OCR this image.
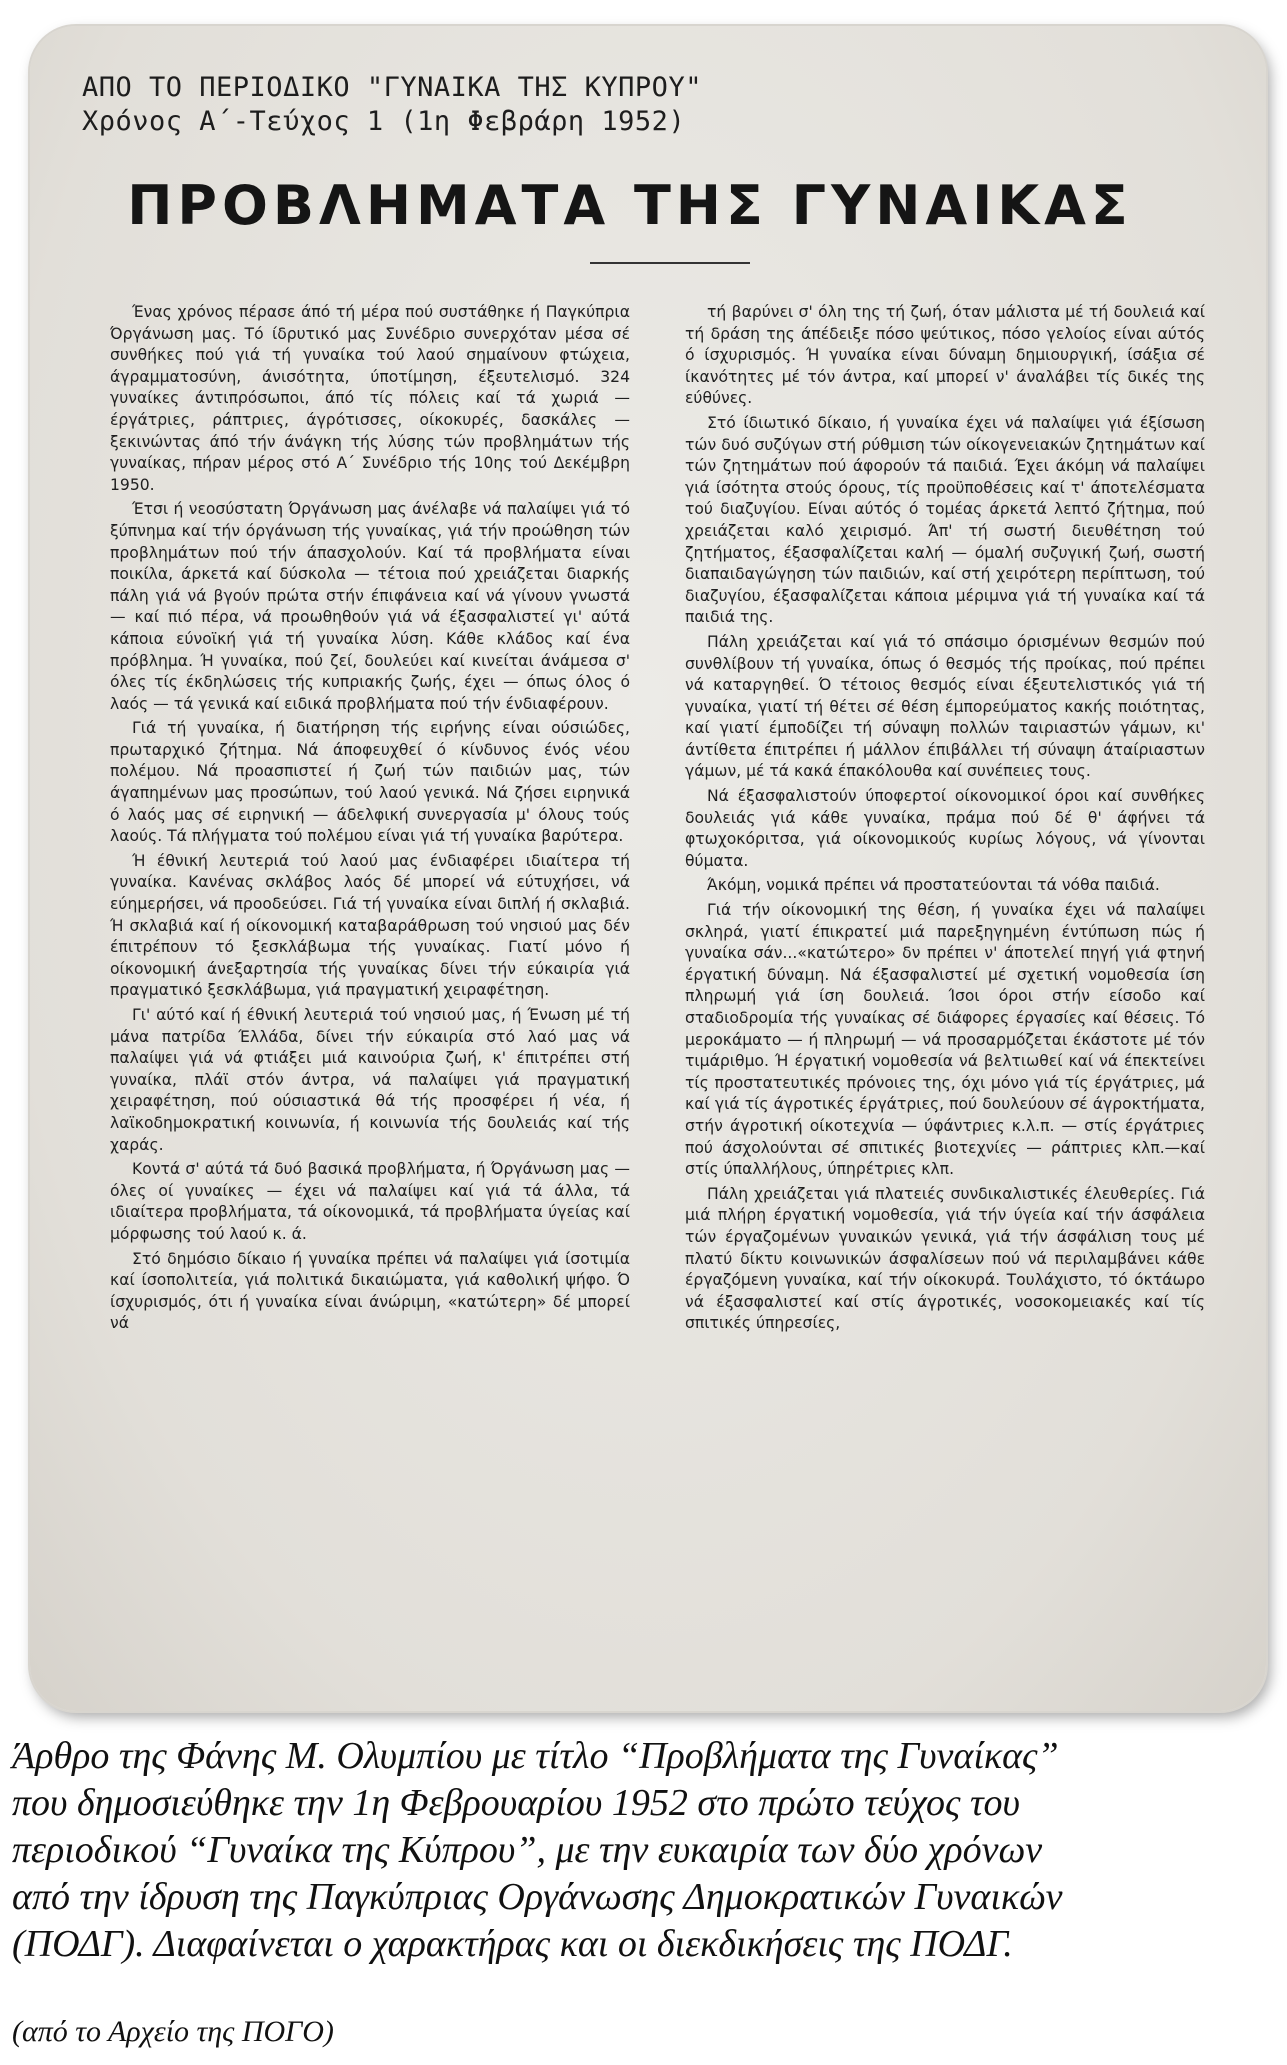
ΑΠΟ ΤΟ ΠΕΡΙΟΔΙΚΟ "ΓΥΝΑΙΚΑ ΤΗΣ ΚΥΠΡΟΥ"
Χρόνος Α΄-Τεύχος 1 (1η Φεβράρη 1952)
ΠΡΟΒΛΗΜΑΤΑ ΤΗΣ ΓΥΝΑΙΚΑΣ

Ένας χρόνος πέρασε άπό τή μέρα πού συστάθηκε ή Παγκύπρια Όργάνωση μας. Τό ίδρυτικό μας Συνέδριο συνερχόταν μέσα σέ συνθήκες πού γιά τή γυναίκα τού λαού σημαίνουν φτώχεια, άγραμματοσύνη, άνισότητα, ύποτίμηση, έξευτελισμό. 324 γυναίκες άντιπρόσωποι, άπό τίς πόλεις καί τά χωριά — έργάτριες, ράπτριες, άγρότισσες, οίκοκυρές, δασκάλες — ξεκινώντας άπό τήν άνάγκη τής λύσης τών προβλημάτων τής γυναίκας, πήραν μέρος στό Α΄ Συνέδριο τής 10ης τού Δεκέμβρη 1950.

Έτσι ή νεοσύστατη Όργάνωση μας άνέλαβε νά παλαίψει γιά τό ξύπνημα καί τήν όργάνωση τής γυναίκας, γιά τήν προώθηση τών προβλημάτων πού τήν άπασχολούν. Καί τά προβλήματα είναι ποικίλα, άρκετά καί δύσκολα — τέτοια πού χρειάζεται διαρκής πάλη γιά νά βγούν πρώτα στήν έπιφάνεια καί νά γίνουν γνωστά — καί πιό πέρα, νά προωθηθούν γιά νά έξασφαλιστεί γι' αύτά κάποια εύνοϊκή γιά τή γυναίκα λύση. Κάθε κλάδος καί ένα πρόβλημα. Ή γυναίκα, πού ζεί, δουλεύει καί κινείται άνάμεσα σ' όλες τίς έκδηλώσεις τής κυπριακής ζωής, έχει — όπως όλος ό λαός — τά γενικά καί ειδικά προβλήματα πού τήν ένδιαφέρουν.

Γιά τή γυναίκα, ή διατήρηση τής ειρήνης είναι ούσιώδες, πρωταρχικό ζήτημα. Νά άποφευχθεί ό κίνδυνος ένός νέου πολέμου. Νά προασπιστεί ή ζωή τών παιδιών μας, τών άγαπημένων μας προσώπων, τού λαού γενικά. Νά ζήσει ειρηνικά ό λαός μας σέ ειρηνική — άδελφική συνεργασία μ' όλους τούς λαούς. Τά πλήγματα τού πολέμου είναι γιά τή γυναίκα βαρύτερα.

Ή έθνική λευτεριά τού λαού μας ένδιαφέρει ιδιαίτερα τή γυναίκα. Κανένας σκλάβος λαός δέ μπορεί νά εύτυχήσει, νά εύημερήσει, νά προοδεύσει. Γιά τή γυναίκα είναι διπλή ή σκλαβιά. Ή σκλαβιά καί ή οίκονομική καταβαράθρωση τού νησιού μας δέν έπιτρέπουν τό ξεσκλάβωμα τής γυναίκας. Γιατί μόνο ή οίκονομική άνεξαρτησία τής γυναίκας δίνει τήν εύκαιρία γιά πραγματικό ξεσκλάβωμα, γιά πραγματική χειραφέτηση.

Γι' αύτό καί ή έθνική λευτεριά τού νησιού μας, ή Ένωση μέ τή μάνα πατρίδα Έλλάδα, δίνει τήν εύκαιρία στό λαό μας νά παλαίψει γιά νά φτιάξει μιά καινούρια ζωή, κ' έπιτρέπει στή γυναίκα, πλάϊ στόν άντρα, νά παλαίψει γιά πραγματική χειραφέτηση, πού ούσιαστικά θά τής προσφέρει ή νέα, ή λαϊκοδημοκρατική κοινωνία, ή κοινωνία τής δουλειάς καί τής χαράς.

Κοντά σ' αύτά τά δυό βασικά προβλήματα, ή Όργάνωση μας — όλες οί γυναίκες — έχει νά παλαίψει καί γιά τά άλλα, τά ιδιαίτερα προβλήματα, τά οίκονομικά, τά προβλήματα ύγείας καί μόρφωσης τού λαού κ. ά.

Στό δημόσιο δίκαιο ή γυναίκα πρέπει νά παλαίψει γιά ίσοτιμία καί ίσοπολιτεία, γιά πολιτικά δικαιώματα, γιά καθολική ψήφο. Ό ίσχυρισμός, ότι ή γυναίκα είναι άνώριμη, «κατώτερη» δέ μπορεί νά

τή βαρύνει σ' όλη της τή ζωή, όταν μάλιστα μέ τή δουλειά καί τή δράση της άπέδειξε πόσο ψεύτικος, πόσο γελοίος είναι αύτός ό ίσχυρισμός. Ή γυναίκα είναι δύναμη δημιουργική, ίσάξια σέ ίκανότητες μέ τόν άντρα, καί μπορεί ν' άναλάβει τίς δικές της εύθύνες.

Στό ίδιωτικό δίκαιο, ή γυναίκα έχει νά παλαίψει γιά έξίσωση τών δυό συζύγων στή ρύθμιση τών οίκογενειακών ζητημάτων καί τών ζητημάτων πού άφορούν τά παιδιά. Έχει άκόμη νά παλαίψει γιά ίσότητα στούς όρους, τίς προϋποθέσεις καί τ' άποτελέσματα τού διαζυγίου. Είναι αύτός ό τομέας άρκετά λεπτό ζήτημα, πού χρειάζεται καλό χειρισμό. Άπ' τή σωστή διευθέτηση τού ζητήματος, έξασφαλίζεται καλή — όμαλή συζυγική ζωή, σωστή διαπαιδαγώγηση τών παιδιών, καί στή χειρότερη περίπτωση, τού διαζυγίου, έξασφαλίζεται κάποια μέριμνα γιά τή γυναίκα καί τά παιδιά της.

Πάλη χρειάζεται καί γιά τό σπάσιμο όρισμένων θεσμών πού συνθλίβουν τή γυναίκα, όπως ό θεσμός τής προίκας, πού πρέπει νά καταργηθεί. Ό τέτοιος θεσμός είναι έξευτελιστικός γιά τή γυναίκα, γιατί τή θέτει σέ θέση έμπορεύματος κακής ποιότητας, καί γιατί έμποδίζει τή σύναψη πολλών ταιριαστών γάμων, κι' άντίθετα έπιτρέπει ή μάλλον έπιβάλλει τή σύναψη άταίριαστων γάμων, μέ τά κακά έπακόλουθα καί συνέπειες τους.

Νά έξασφαλιστούν ύποφερτοί οίκονομικοί όροι καί συνθήκες δουλειάς γιά κάθε γυναίκα, πράμα πού δέ θ' άφήνει τά φτωχοκόριτσα, γιά οίκονομικούς κυρίως λόγους, νά γίνονται θύματα.

Άκόμη, νομικά πρέπει νά προστατεύονται τά νόθα παιδιά.

Γιά τήν οίκονομική της θέση, ή γυναίκα έχει νά παλαίψει σκληρά, γιατί έπικρατεί μιά παρεξηγημένη έντύπωση πώς ή γυναίκα σάν...«κατώτερο» δν πρέπει ν' άποτελεί πηγή γιά φτηνή έργατική δύναμη. Νά έξασφαλιστεί μέ σχετική νομοθεσία ίση πληρωμή γιά ίση δουλειά. Ίσοι όροι στήν είσοδο καί σταδιοδρομία τής γυναίκας σέ διάφορες έργασίες καί θέσεις. Τό μεροκάματο — ή πληρωμή — νά προσαρμόζεται έκάστοτε μέ τόν τιμάριθμο. Ή έργατική νομοθεσία νά βελτιωθεί καί νά έπεκτείνει τίς προστατευτικές πρόνοιες της, όχι μόνο γιά τίς έργάτριες, μά καί γιά τίς άγροτικές έργάτριες, πού δουλεύουν σέ άγροκτήματα, στήν άγροτική οίκοτεχνία — ύφάντριες κ.λ.π. — στίς έργάτριες πού άσχολούνται σέ σπιτικές βιοτεχνίες — ράπτριες κλπ.—καί στίς ύπαλλήλους, ύπηρέτριες κλπ.

Πάλη χρειάζεται γιά πλατειές συνδικαλιστικές έλευθερίες. Γιά μιά πλήρη έργατική νομοθεσία, γιά τήν ύγεία καί τήν άσφάλεια τών έργαζομένων γυναικών γενικά, γιά τήν άσφάλιση τους μέ πλατύ δίκτυ κοινωνικών άσφαλίσεων πού νά περιλαμβάνει κάθε έργαζόμενη γυναίκα, καί τήν οίκοκυρά. Τουλάχιστο, τό όκτάωρο νά έξασφαλιστεί καί στίς άγροτικές, νοσοκομειακές καί τίς σπιτικές ύπηρεσίες,

Άρθρο της Φάνης Μ. Ολυμπίου με τίτλο “Προβλήματα της Γυναίκας”

που δημοσιεύθηκε την 1η Φεβρουαρίου 1952 στο πρώτο τεύχος του

περιοδικού “Γυναίκα της Κύπρου”, με την ευκαιρία των δύο χρόνων

από την ίδρυση της Παγκύπριας Οργάνωσης Δημοκρατικών Γυναικών

(ΠΟΔΓ). Διαφαίνεται ο χαρακτήρας και οι διεκδικήσεις της ΠΟΔΓ.

(από το Αρχείο της ΠΟΓΟ)
